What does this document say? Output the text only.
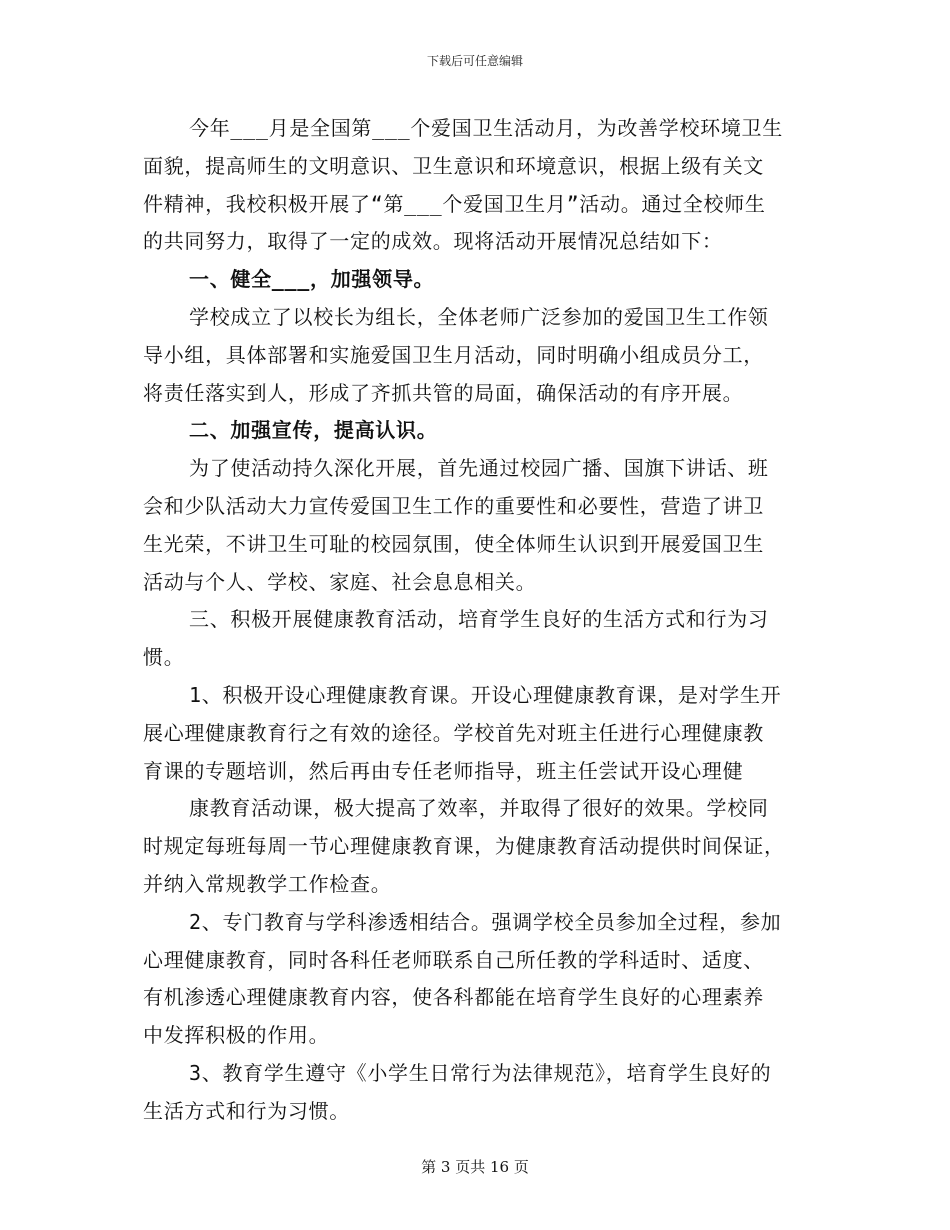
下载后可任意编辑
今年___月是全国第___个爱国卫生活动月，为改善学校环境卫生
面貌，提高师生的文明意识、卫生意识和环境意识，根据上级有关文
件精神，我校积极开展了“第___个爱国卫生月”活动。通过全校师生
的共同努力，取得了一定的成效。现将活动开展情况总结如下：
一、健全___，加强领导。
学校成立了以校长为组长，全体老师广泛参加的爱国卫生工作领
导小组，具体部署和实施爱国卫生月活动，同时明确小组成员分工，
将责任落实到人，形成了齐抓共管的局面，确保活动的有序开展。
二、加强宣传，提高认识。
为了使活动持久深化开展，首先通过校园广播、国旗下讲话、班
会和少队活动大力宣传爱国卫生工作的重要性和必要性，营造了讲卫
生光荣，不讲卫生可耻的校园氛围，使全体师生认识到开展爱国卫生
活动与个人、学校、家庭、社会息息相关。
三、积极开展健康教育活动，培育学生良好的生活方式和行为习
惯。
1、积极开设心理健康教育课。开设心理健康教育课，是对学生开
展心理健康教育行之有效的途径。学校首先对班主任进行心理健康教
育课的专题培训，然后再由专任老师指导，班主任尝试开设心理健
康教育活动课，极大提高了效率，并取得了很好的效果。学校同
时规定每班每周一节心理健康教育课，为健康教育活动提供时间保证，
并纳入常规教学工作检查。
2、专门教育与学科渗透相结合。强调学校全员参加全过程，参加
心理健康教育，同时各科任老师联系自己所任教的学科适时、适度、
有机渗透心理健康教育内容，使各科都能在培育学生良好的心理素养
中发挥积极的作用。
3、教育学生遵守《小学生日常行为法律规范》，培育学生良好的
生活方式和行为习惯。
第 3 页共 16 页
